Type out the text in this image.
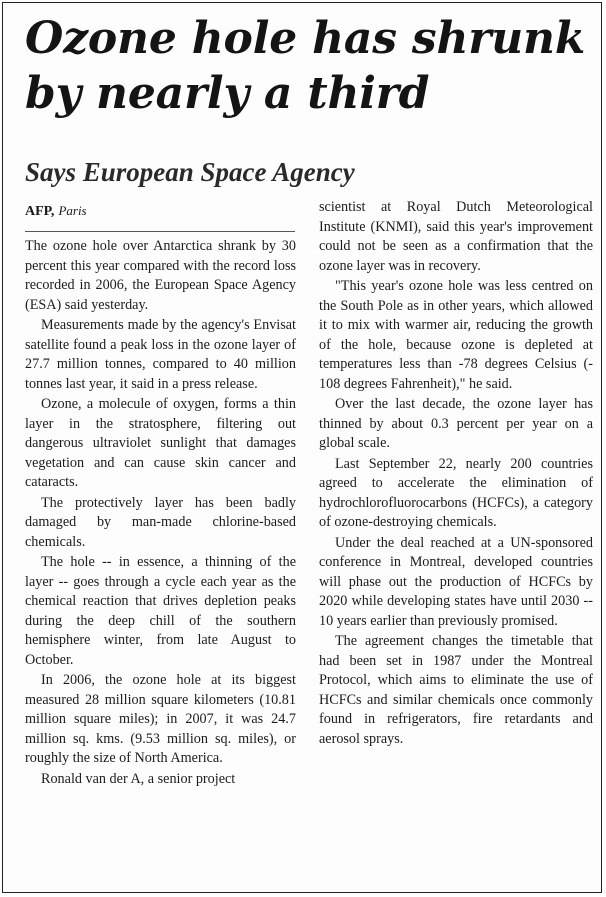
Ozone hole has shrunk by nearly a third
Says European Space Agency
AFP, Paris

The ozone hole over Antarctica shrank by 30 percent this year compared with the record loss recorded in 2006, the European Space Agency (ESA) said yesterday.

Measurements made by the agency's Envisat satellite found a peak loss in the ozone layer of 27.7 million tonnes, compared to 40 million tonnes last year, it said in a press release.

Ozone, a molecule of oxygen, forms a thin layer in the stratosphere, filtering out dangerous ultraviolet sunlight that damages vegetation and can cause skin cancer and cataracts.

The protectively layer has been badly damaged by man-made chlorine-based chemicals.

The hole -- in essence, a thinning of the layer -- goes through a cycle each year as the chemical reaction that drives depletion peaks during the deep chill of the southern hemisphere winter, from late August to October.

In 2006, the ozone hole at its biggest measured 28 million square kilometers (10.81 million square miles); in 2007, it was 24.7 million sq. kms. (9.53 million sq. miles), or roughly the size of North America.

Ronald van der A, a senior project

scientist at Royal Dutch Meteorological Institute (KNMI), said this year's improvement could not be seen as a confirmation that the ozone layer was in recovery.

"This year's ozone hole was less centred on the South Pole as in other years, which allowed it to mix with warmer air, reducing the growth of the hole, because ozone is depleted at temperatures less than -78 degrees Celsius (- 108 degrees Fahrenheit)," he said.

Over the last decade, the ozone layer has thinned by about 0.3 percent per year on a global scale.

Last September 22, nearly 200 countries agreed to accelerate the elimination of hydrochlorofluorocarbons (HCFCs), a category of ozone-destroying chemicals.

Under the deal reached at a UN-sponsored conference in Montreal, developed countries will phase out the production of HCFCs by 2020 while developing states have until 2030 -- 10 years earlier than previously promised.

The agreement changes the timetable that had been set in 1987 under the Montreal Protocol, which aims to eliminate the use of HCFCs and similar chemicals once commonly found in refrigerators, fire retardants and aerosol sprays.
